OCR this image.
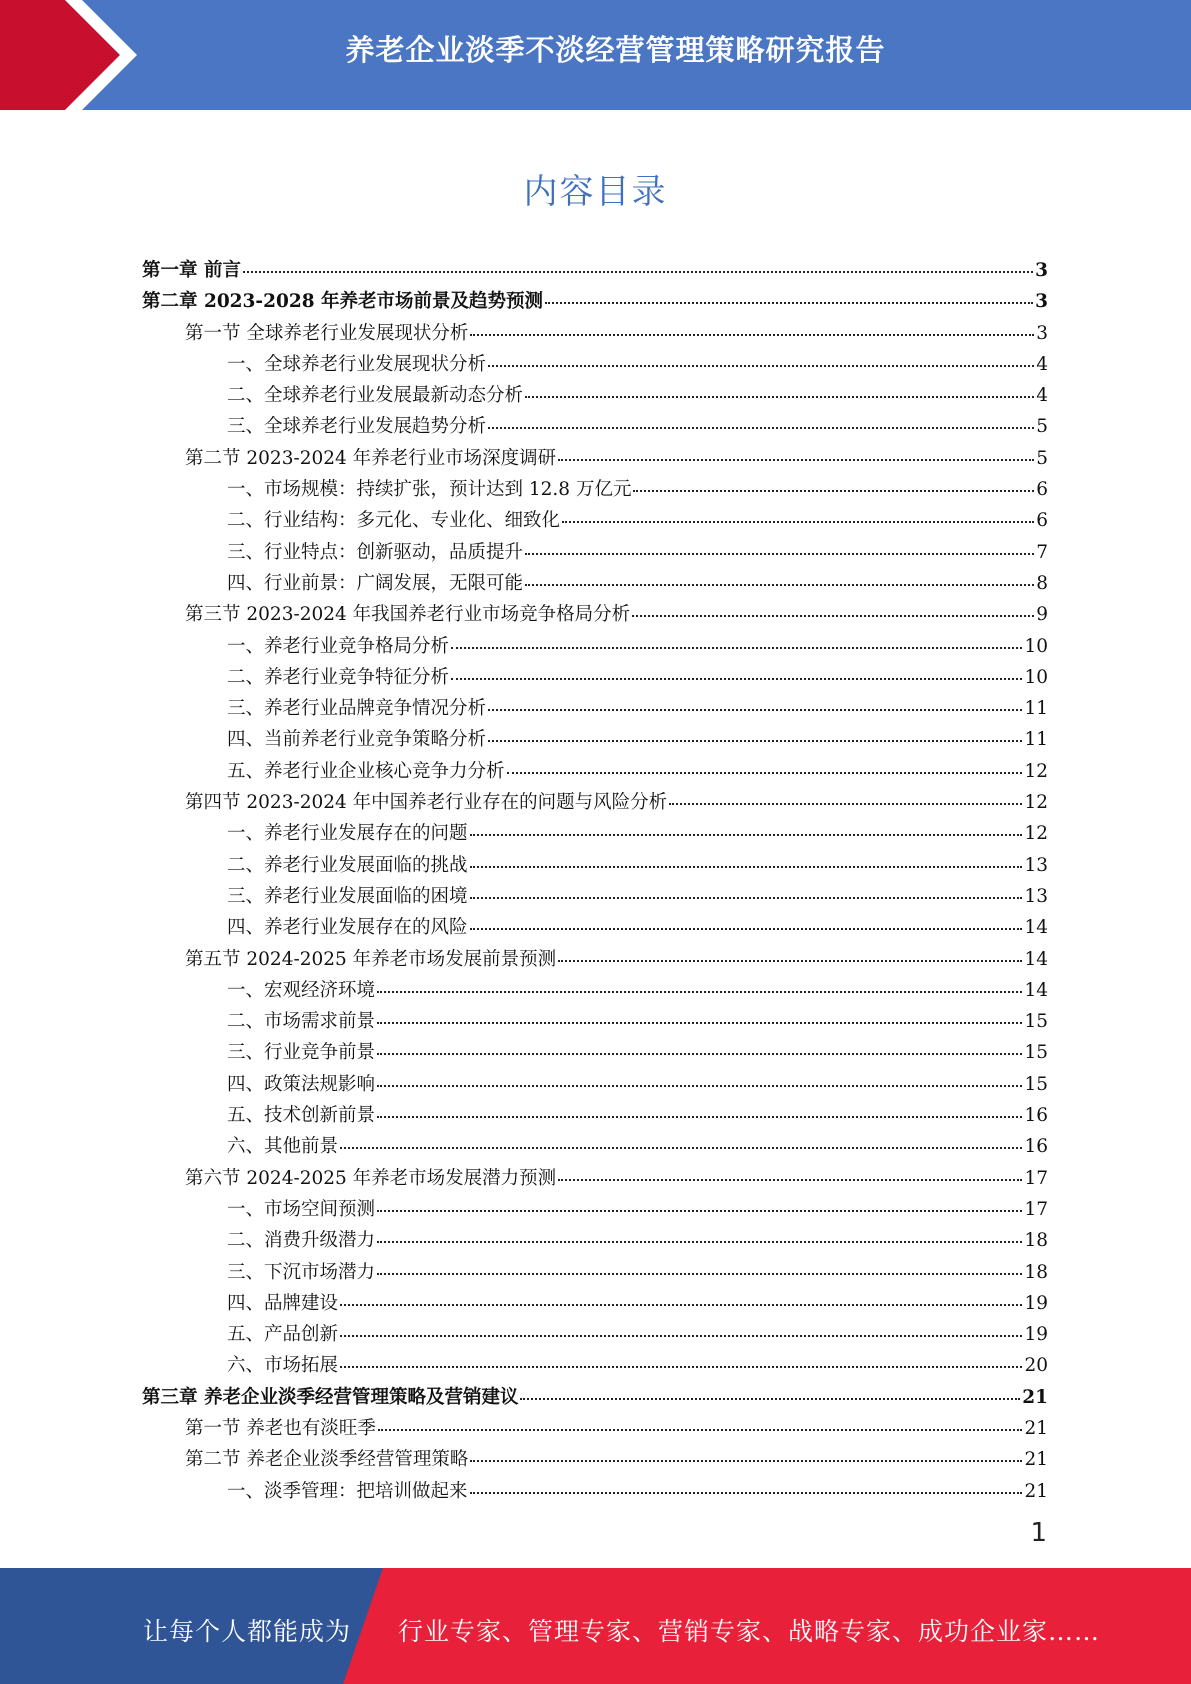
养老企业淡季不淡经营管理策略研究报告
内容目录
第一章 前言	3
第二章 2023-2028 年养老市场前景及趋势预测	3
第一节 全球养老行业发展现状分析	3
一、全球养老行业发展现状分析	4
二、全球养老行业发展最新动态分析	4
三、全球养老行业发展趋势分析	5
第二节 2023-2024 年养老行业市场深度调研	5
一、市场规模：持续扩张，预计达到 12.8 万亿元	6
二、行业结构：多元化、专业化、细致化	6
三、行业特点：创新驱动，品质提升	7
四、行业前景：广阔发展，无限可能	8
第三节 2023-2024 年我国养老行业市场竞争格局分析	9
一、养老行业竞争格局分析	10
二、养老行业竞争特征分析	10
三、养老行业品牌竞争情况分析	11
四、当前养老行业竞争策略分析	11
五、养老行业企业核心竞争力分析	12
第四节 2023-2024 年中国养老行业存在的问题与风险分析	12
一、养老行业发展存在的问题	12
二、养老行业发展面临的挑战	13
三、养老行业发展面临的困境	13
四、养老行业发展存在的风险	14
第五节 2024-2025 年养老市场发展前景预测	14
一、宏观经济环境	14
二、市场需求前景	15
三、行业竞争前景	15
四、政策法规影响	15
五、技术创新前景	16
六、其他前景	16
第六节 2024-2025 年养老市场发展潜力预测	17
一、市场空间预测	17
二、消费升级潜力	18
三、下沉市场潜力	18
四、品牌建设	19
五、产品创新	19
六、市场拓展	20
第三章 养老企业淡季经营管理策略及营销建议	21
第一节 养老也有淡旺季	21
第二节 养老企业淡季经营管理策略	21
一、淡季管理：把培训做起来	21
1
让每个人都能成为 行业专家、管理专家、营销专家、战略专家、成功企业家……
